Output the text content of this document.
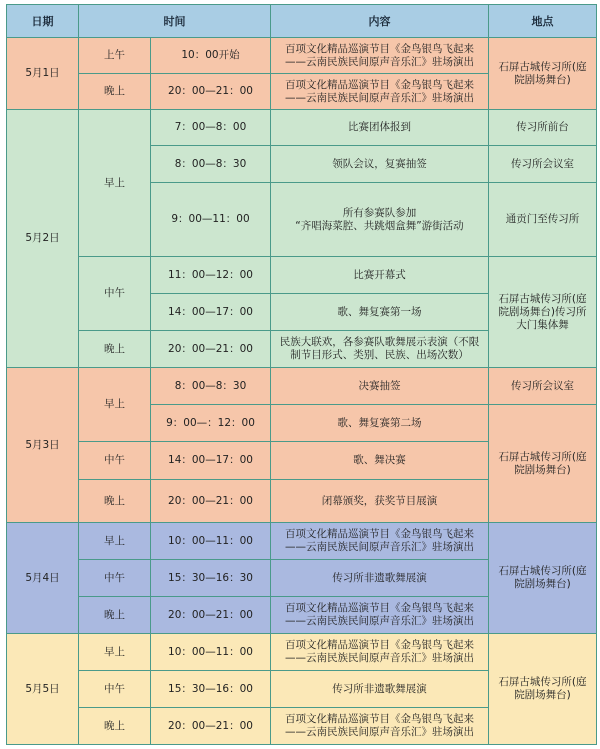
日期	时间		内容	地点
5月1日	上午	10：00开始	百项文化精品巡演节目《金鸟银鸟飞起来
——云南民族民间原声音乐汇》驻场演出	石屏古城传习所(庭
院剧场舞台)
	晚上	20：00—21：00	百项文化精品巡演节目《金鸟银鸟飞起来
——云南民族民间原声音乐汇》驻场演出	
5月2日	早上	7：00—8：00	比赛团体报到	传习所前台
		8：00—8：30	领队会议，复赛抽签	传习所会议室
		9：00—11：00	所有参赛队参加
“齐唱海菜腔、共跳烟盒舞”游街活动	通贡门至传习所
	中午	11：00—12：00	比赛开幕式	石屏古城传习所(庭
院剧场舞台)传习所
大门集体舞
		14：00—17：00	歌、舞复赛第一场	
	晚上	20：00—21：00	民族大联欢，各参赛队歌舞展示表演（不限
制节目形式、类别、民族、出场次数）	
5月3日	早上	8：00—8：30	决赛抽签	传习所会议室
		9：00—：12：00	歌、舞复赛第二场	石屏古城传习所(庭
院剧场舞台)
	中午	14：00—17：00	歌、舞决赛	
	晚上	20：00—21：00	闭幕颁奖，获奖节目展演	
5月4日	早上	10：00—11：00	百项文化精品巡演节目《金鸟银鸟飞起来
——云南民族民间原声音乐汇》驻场演出	石屏古城传习所(庭
院剧场舞台)
	中午	15：30—16：30	传习所非遗歌舞展演	
	晚上	20：00—21：00	百项文化精品巡演节目《金鸟银鸟飞起来
——云南民族民间原声音乐汇》驻场演出	
5月5日	早上	10：00—11：00	百项文化精品巡演节目《金鸟银鸟飞起来
——云南民族民间原声音乐汇》驻场演出	石屏古城传习所(庭
院剧场舞台)
	中午	15：30—16：00	传习所非遗歌舞展演	
	晚上	20：00—21：00	百项文化精品巡演节目《金鸟银鸟飞起来
——云南民族民间原声音乐汇》驻场演出	
